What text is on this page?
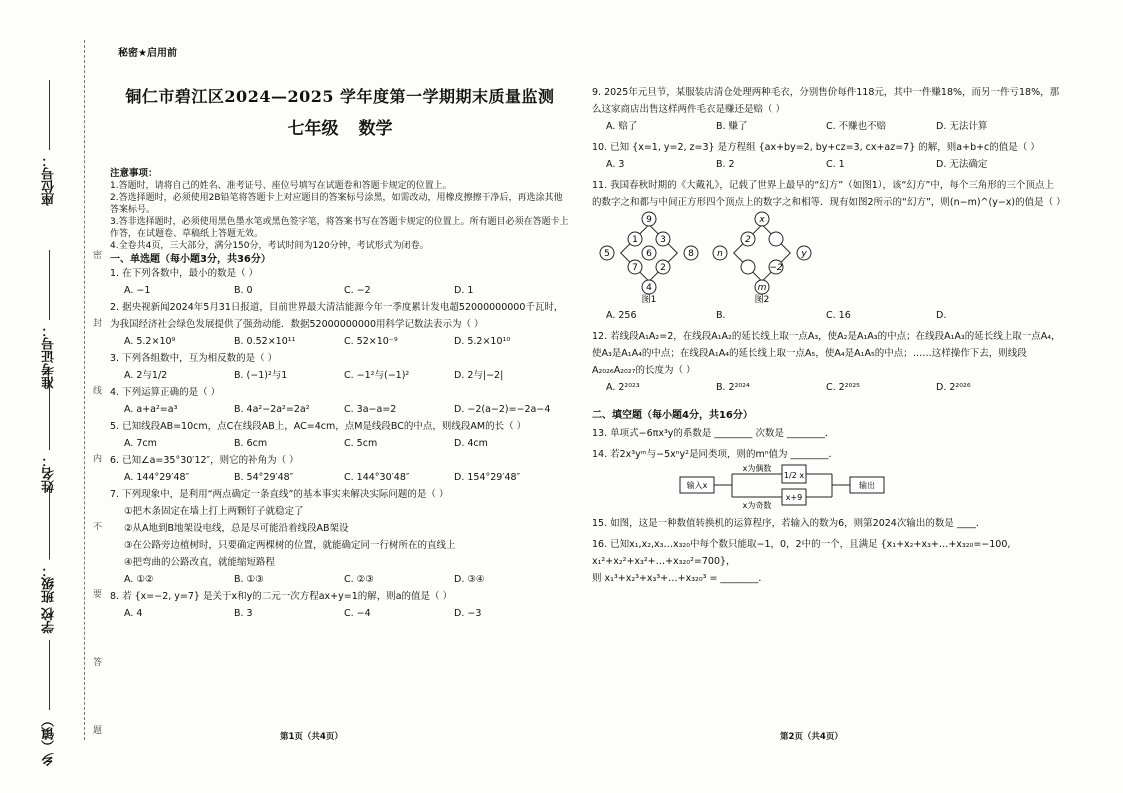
座位号：
准考证号：
姓名：
学校 班级：
乡（镇）	密 封 线 内 不 要 答 题
秘密★启用前
铜仁市碧江区2024—2025 学年度第一学期期末质量监测
七年级 数学
注意事项：
1.答题时，请将自己的姓名、准考证号、座位号填写在试题卷和答题卡规定的位置上。
2.答选择题时，必须使用2B铅笔将答题卡上对应题目的答案标号涂黑，如需改动，用橡皮擦擦干净后，再选涂其他答案标号。
3.答非选择题时，必须使用黑色墨水笔或黑色签字笔，将答案书写在答题卡规定的位置上。所有题目必须在答题卡上作答，在试题卷、草稿纸上答题无效。
4.全卷共4页，三大部分，满分150分，考试时间为120分钟，考试形式为闭卷。
一、单选题（每小题3分，共36分）
1. 在下列各数中，最小的数是（ ）
A. −1	B. 0	C. −2	D. 1
2. 据央视新闻2024年5月31日报道，目前世界最大清洁能源今年一季度累计发电超52000000000千瓦时，为我国经济社会绿色发展提供了强劲动能．数据52000000000用科学记数法表示为（ ）
A. 5.2×10⁹	B. 0.52×10¹¹	C. 52×10⁻⁹	D. 5.2×10¹⁰
3. 下列各组数中，互为相反数的是（ ）
A. 2与1/2	B. (−1)²与1	C. −1²与(−1)²	D. 2与|−2|
4. 下列运算正确的是（ ）
A. a+a²=a³	B. 4a²−2a²=2a²	C. 3a−a=2	D. −2(a−2)=−2a−4
5. 已知线段AB=10cm，点C在线段AB上，AC=4cm，点M是线段BC的中点，则线段AM的长（ ）
A. 7cm	B. 6cm	C. 5cm	D. 4cm
6. 已知∠a=35°30′12″，则它的补角为（ ）
A. 144°29′48″	B. 54°29′48″	C. 144°30′48″	D. 154°29′48″
7. 下列现象中，是利用“两点确定一条直线”的基本事实来解决实际问题的是（ ）
①把木条固定在墙上打上两颗钉子就稳定了
②从A地到B地架设电线，总是尽可能沿着线段AB架设
③在公路旁边植树时，只要确定两棵树的位置，就能确定同一行树所在的直线上
④把弯曲的公路改直，就能缩短路程
A. ①②	B. ①③	C. ②③	D. ③④
8. 若 {x=−2, y=7} 是关于x和y的二元一次方程ax+y=1的解，则a的值是（ ）
A. 4	B. 3	C. −4	D. −3
9. 2025年元旦节，某服装店清仓处理两种毛衣，分别售价每件118元，其中一件赚18%，而另一件亏18%，那么这家商店出售这样两件毛衣是赚还是赔（ ）
A. 赔了	B. 赚了	C. 不赚也不赔	D. 无法计算
10. 已知 {x=1, y=2, z=3} 是方程组 {ax+by=2, by+cz=3, cx+az=7} 的解，则a+b+c的值是（ ）
A. 3	B. 2	C. 1	D. 无法确定
11. 我国春秋时期的《大戴礼》，记载了世界上最早的“幻方”（如图1），该“幻方”中，每个三角形的三个顶点上的数字之和都与中间正方形四个顶点上的数字之和相等．现有如图2所示的“幻方”，则(n−m)^(y−x)的值是（ ）
9
1 3
5	8
7 2
6
4
x
2
n	y
−2
m
图1	图2
A. 256	B.	C. 16	D.
12. 若线段A₁A₂=2，在线段A₁A₂的延长线上取一点A₃，使A₂是A₁A₃的中点；在线段A₁A₃的延长线上取一点A₄，使A₃是A₁A₄的中点；在线段A₁A₄的延长线上取一点A₅，使A₄是A₁A₅的中点；……这样操作下去，则线段A₂₀₂₆A₂₀₂₇的长度为（ ）
A. 2²⁰²³	B. 2²⁰²⁴	C. 2²⁰²⁵	D. 2²⁰²⁶
二、填空题（每小题4分，共16分）
13. 单项式−6πx³y的系数是 ________ 次数是 ________．
14. 若2x³yᵐ与−5xⁿy²是同类项，则的mⁿ值为 ________．
输入x
x为偶数
1/2 x
x为奇数
x+9
输出
15. 如图，这是一种数值转换机的运算程序，若输入的数为6，则第2024次输出的数是 ____．
16. 已知x₁,x₂,x₃…x₃₂₀中每个数只能取−1，0，2中的一个，且满足 {x₁+x₂+x₃+…+x₃₂₀=−100, x₁²+x₂²+x₃²+…+x₃₂₀²=700}，
则 x₁³+x₂³+x₃³+…+x₃₂₀³ = ________．
第1页（共4页）	第2页（共4页）
